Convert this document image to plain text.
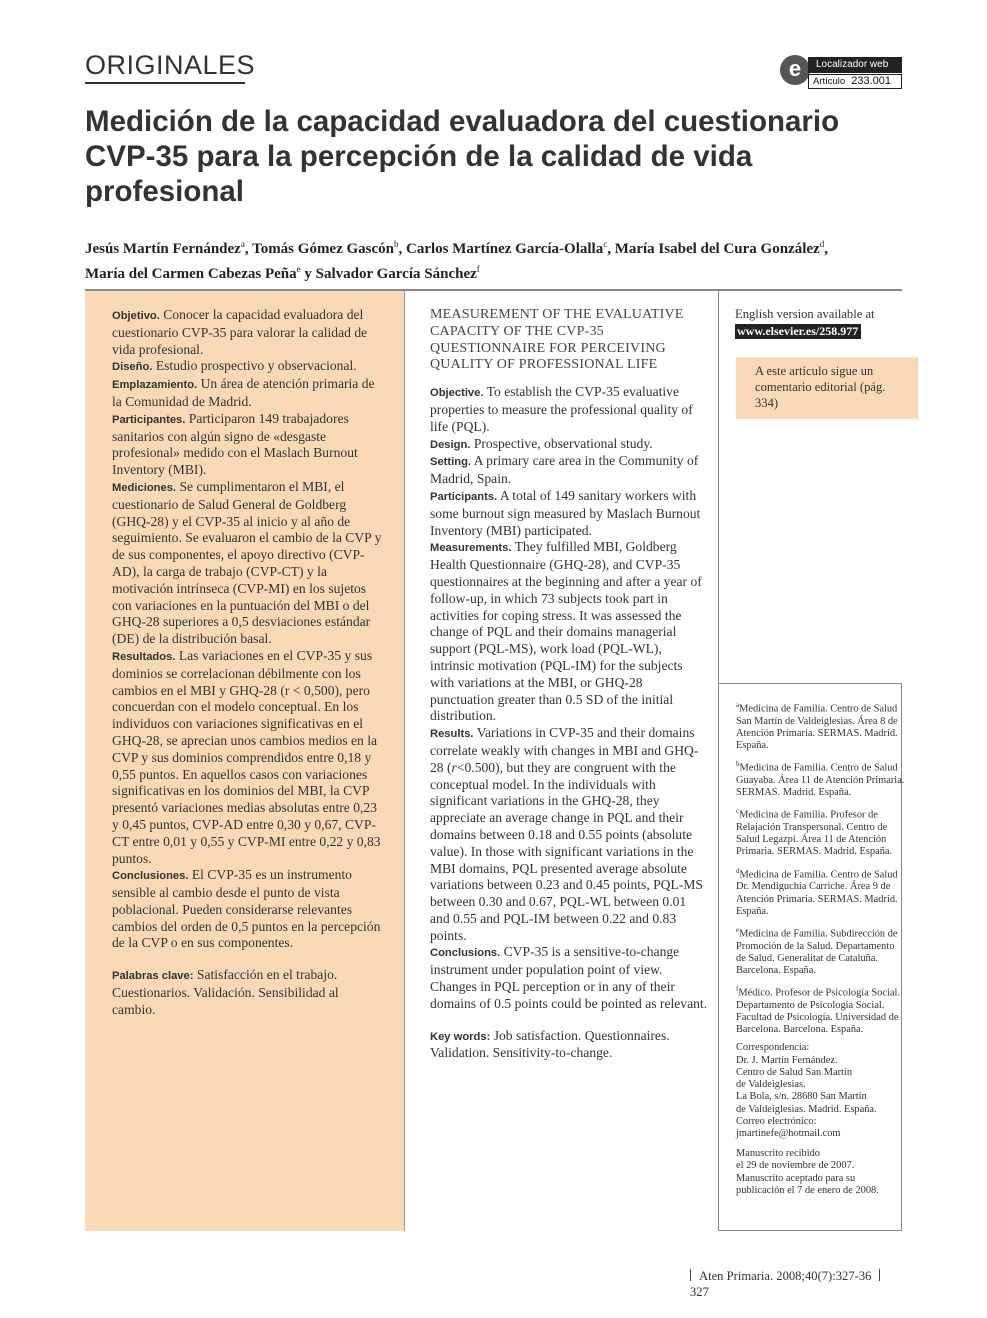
ORIGINALES	e	Localizador web
Artículo 233.001
Medición de la capacidad evaluadora del cuestionario CVP-35 para la percepción de la calidad de vida profesional
Jesús Martín Fernández$^a$, Tomás Gómez Gascón$^b$, Carlos Martínez García-Olalla$^c$, María Isabel del Cura González$^d$,
María del Carmen Cabezas Peña$^e$ y Salvador García Sánchez$^f$

Objetivo. Conocer la capacidad evaluadora del cuestionario CVP-35 para valorar la calidad de vida profesional.

Diseño. Estudio prospectivo y observacional.

Emplazamiento. Un área de atención primaria de la Comunidad de Madrid.

Participantes. Participaron 149 trabajadores sanitarios con algún signo de «desgaste profesional» medido con el Maslach Burnout Inventory (MBI).

Mediciones. Se cumplimentaron el MBI, el cuestionario de Salud General de Goldberg (GHQ-28) y el CVP-35 al inicio y al año de seguimiento. Se evaluaron el cambio de la CVP y de sus componentes, el apoyo directivo (CVP-AD), la carga de trabajo (CVP-CT) y la motivación intrínseca (CVP-MI) en los sujetos con variaciones en la puntuación del MBI o del GHQ-28 superiores a 0,5 desviaciones estándar (DE) de la distribución basal.

Resultados. Las variaciones en el CVP-35 y sus dominios se correlacionan débilmente con los cambios en el MBI y GHQ-28 (r < 0,500), pero concuerdan con el modelo conceptual. En los individuos con variaciones significativas en el GHQ-28, se aprecian unos cambios medios en la CVP y sus dominios comprendidos entre 0,18 y 0,55 puntos. En aquellos casos con variaciones significativas en los dominios del MBI, la CVP presentó variaciones medias absolutas entre 0,23 y 0,45 puntos, CVP-AD entre 0,30 y 0,67, CVP-CT entre 0,01 y 0,55 y CVP-MI entre 0,22 y 0,83 puntos.

Conclusiones. El CVP-35 es un instrumento sensible al cambio desde el punto de vista poblacional. Pueden considerarse relevantes cambios del orden de 0,5 puntos en la percepción de la CVP o en sus componentes.

Palabras clave: Satisfacción en el trabajo. Cuestionarios. Validación. Sensibilidad al cambio.

MEASUREMENT OF THE EVALUATIVE CAPACITY OF THE CVP-35 QUESTIONNAIRE FOR PERCEIVING QUALITY OF PROFESSIONAL LIFE

Objective. To establish the CVP-35 evaluative properties to measure the professional quality of life (PQL).

Design. Prospective, observational study.

Setting. A primary care area in the Community of Madrid, Spain.

Participants. A total of 149 sanitary workers with some burnout sign measured by Maslach Burnout Inventory (MBI) participated.

Measurements. They fulfilled MBI, Goldberg Health Questionnaire (GHQ-28), and CVP-35 questionnaires at the beginning and after a year of follow-up, in which 73 subjects took part in activities for coping stress. It was assessed the change of PQL and their domains managerial support (PQL-MS), work load (PQL-WL), intrinsic motivation (PQL-IM) for the subjects with variations at the MBI, or GHQ-28 punctuation greater than 0.5 SD of the initial distribution.

Results. Variations in CVP-35 and their domains correlate weakly with changes in MBI and GHQ-28 (r<0.500), but they are congruent with the conceptual model. In the individuals with significant variations in the GHQ-28, they appreciate an average change in PQL and their domains between 0.18 and 0.55 points (absolute value). In those with significant variations in the MBI domains, PQL presented average absolute variations between 0.23 and 0.45 points, PQL-MS between 0.30 and 0.67, PQL-WL between 0.01 and 0.55 and PQL-IM between 0.22 and 0.83 points.

Conclusions. CVP-35 is a sensitive-to-change instrument under population point of view. Changes in PQL perception or in any of their domains of 0.5 points could be pointed as relevant.

Key words: Job satisfaction. Questionnaires. Validation. Sensitivity-to-change.

English version available at
www.elsevier.es/258.977
A este artículo sigue un comentario editorial (pág. 334)
$^a$Medicina de Familia. Centro de Salud San Martín de Valdeiglesias. Área 8 de Atención Primaria. SERMAS. Madrid. España.
$^b$Medicina de Familia. Centro de Salud Guayaba. Área 11 de Atención Primaria. SERMAS. Madrid. España.
$^c$Medicina de Familia. Profesor de Relajación Transpersonal. Centro de Salud Legazpi. Área 11 de Atención Primaria. SERMAS. Madrid. España.
$^d$Medicina de Familia. Centro de Salud Dr. Mendiguchía Carriche. Área 9 de Atención Primaria. SERMAS. Madrid. España.
$^e$Medicina de Familia. Subdirección de Promoción de la Salud. Departamento de Salud. Generalitat de Cataluña. Barcelona. España.
$^f$Médico. Profesor de Psicología Social. Departamento de Psicología Social. Facultad de Psicología. Universidad de Barcelona. Barcelona. España.
Correspondencia:
Dr. J. Martín Fernández.
Centro de Salud San Martín
de Valdeiglesias.
La Bola, s/n. 28680 San Martín
de Valdeiglesias. Madrid. España.
Correo electrónico:
jmartinefe@hotmail.com
Manuscrito recibido
el 29 de noviembre de 2007.
Manuscrito aceptado para su
publicación el 7 de enero de 2008.
Aten Primaria. 2008;40(7):327-36327
